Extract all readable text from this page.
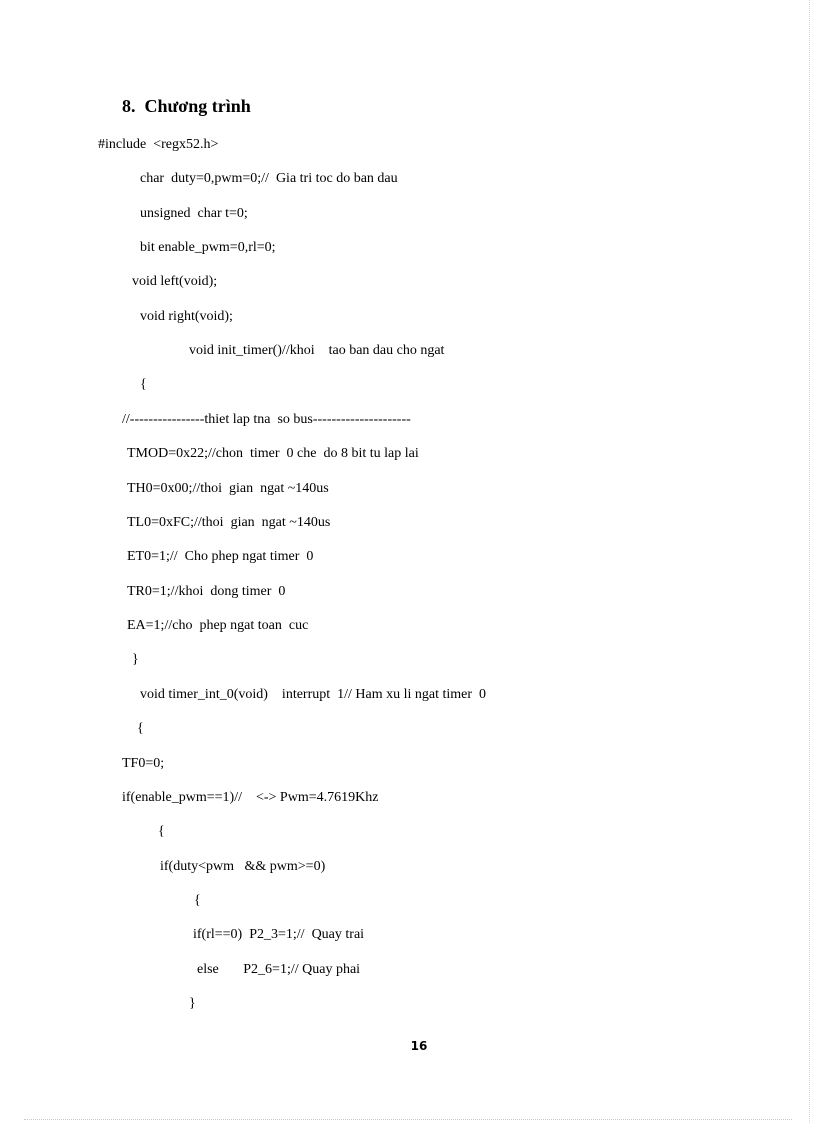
8.  Chương trình
#include  <regx52.h>
char  duty=0,pwm=0;//  Gia tri toc do ban dau
unsigned  char t=0;
bit enable_pwm=0,rl=0;
void left(void);
void right(void);
void init_timer()//khoi    tao ban dau cho ngat
{
//----------------thiet lap tna  so bus---------------------
TMOD=0x22;//chon  timer  0 che  do 8 bit tu lap lai
TH0=0x00;//thoi  gian  ngat ~140us
TL0=0xFC;//thoi  gian  ngat ~140us
ET0=1;//  Cho phep ngat timer  0
TR0=1;//khoi  dong timer  0
EA=1;//cho  phep ngat toan  cuc
}
void timer_int_0(void)    interrupt  1// Ham xu li ngat timer  0
{
TF0=0;
if(enable_pwm==1)//    <-> Pwm=4.7619Khz
{
if(duty<pwm   && pwm>=0)
{
if(rl==0)  P2_3=1;//  Quay trai
else       P2_6=1;// Quay phai
}
16
